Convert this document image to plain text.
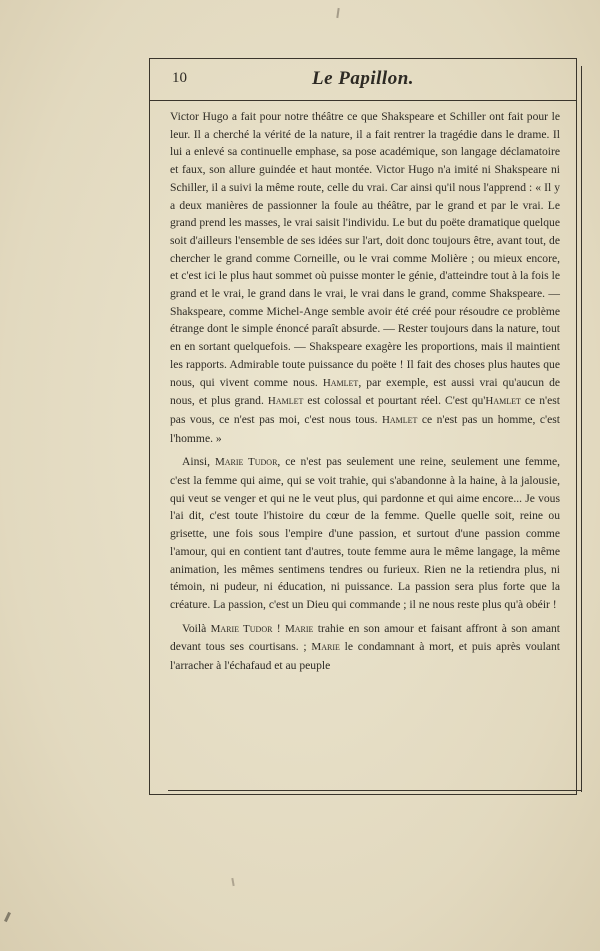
10	Le Papillon.

Victor Hugo a fait pour notre théâtre ce que Shakspeare et Schiller ont fait pour le leur. Il a cherché la vérité de la nature, il a fait rentrer la tragédie dans le drame. Il lui a enlevé sa continuelle emphase, sa pose académique, son langage déclamatoire et faux, son allure guindée et haut montée. Victor Hugo n'a imité ni Shakspeare ni Schiller, il a suivi la même route, celle du vrai. Car ainsi qu'il nous l'apprend : « Il y a deux manières de passionner la foule au théâtre, par le grand et par le vrai. Le grand prend les masses, le vrai saisit l'individu. Le but du poëte dramatique quelque soit d'ailleurs l'ensemble de ses idées sur l'art, doit donc toujours être, avant tout, de chercher le grand comme Corneille, ou le vrai comme Molière ; ou mieux encore, et c'est ici le plus haut sommet où puisse monter le génie, d'atteindre tout à la fois le grand et le vrai, le grand dans le vrai, le vrai dans le grand, comme Shakspeare. — Shakspeare, comme Michel-Ange semble avoir été créé pour résoudre ce problème étrange dont le simple énoncé paraît absurde. — Rester toujours dans la nature, tout en en sortant quelquefois. — Shakspeare exagère les proportions, mais il maintient les rapports. Admirable toute puissance du poëte ! Il fait des choses plus hautes que nous, qui vivent comme nous. Hamlet, par exemple, est aussi vrai qu'aucun de nous, et plus grand. Hamlet est colossal et pourtant réel. C'est qu'Hamlet ce n'est pas vous, ce n'est pas moi, c'est nous tous. Hamlet ce n'est pas un homme, c'est l'homme. »

Ainsi, Marie Tudor, ce n'est pas seulement une reine, seulement une femme, c'est la femme qui aime, qui se voit trahie, qui s'abandonne à la haine, à la jalousie, qui veut se venger et qui ne le veut plus, qui pardonne et qui aime encore... Je vous l'ai dit, c'est toute l'histoire du cœur de la femme. Quelle quelle soit, reine ou grisette, une fois sous l'empire d'une passion, et surtout d'une passion comme l'amour, qui en contient tant d'autres, toute femme aura le même langage, la même animation, les mêmes sentimens tendres ou furieux. Rien ne la retiendra plus, ni témoin, ni pudeur, ni éducation, ni puissance. La passion sera plus forte que la créature. La passion, c'est un Dieu qui commande ; il ne nous reste plus qu'à obéir !

Voilà Marie Tudor ! Marie trahie en son amour et faisant affront à son amant devant tous ses courtisans. ; Marie le condamnant à mort, et puis après voulant l'arracher à l'échafaud et au peuple
